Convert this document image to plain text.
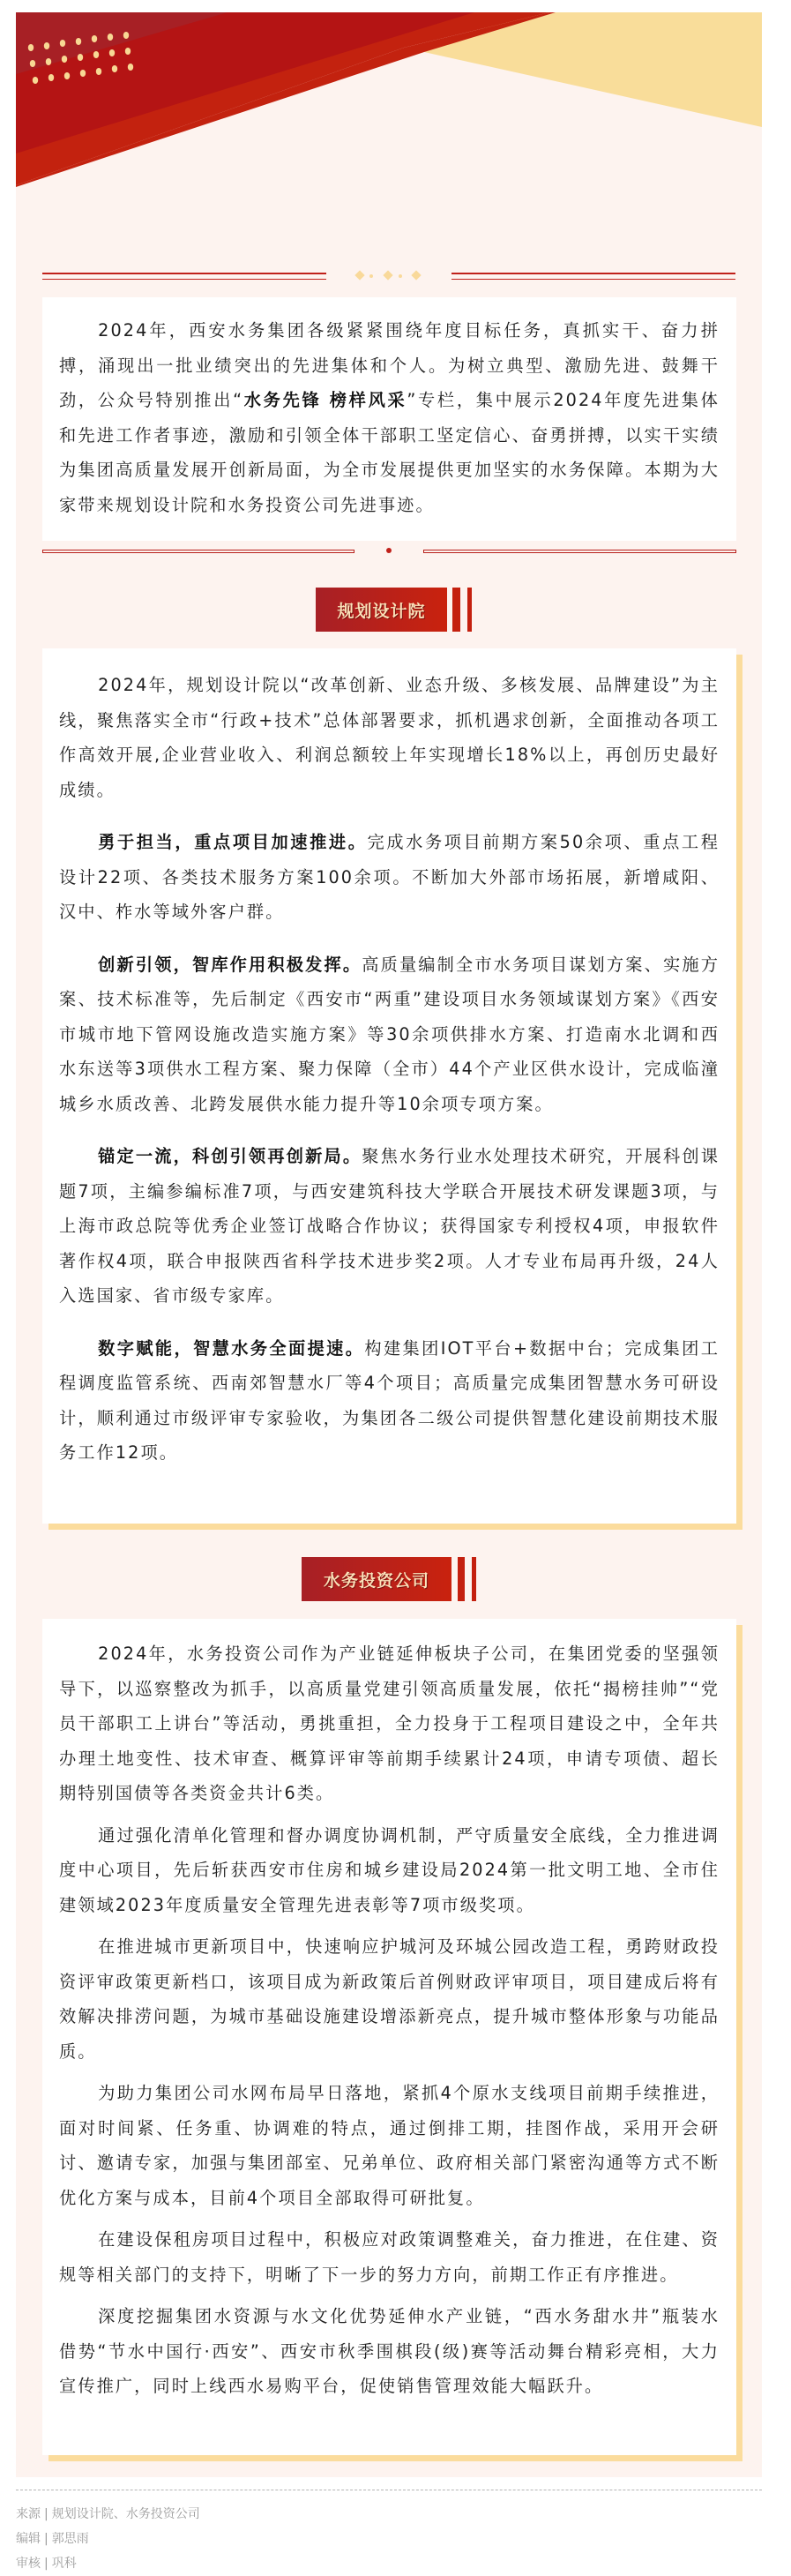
2024年，西安水务集团各级紧紧围绕年度目标任务，真抓实干、奋力拼搏，涌现出一批业绩突出的先进集体和个人。为树立典型、激励先进、鼓舞干劲，公众号特别推出“水务先锋 榜样风采”专栏，集中展示2024年度先进集体和先进工作者事迹，激励和引领全体干部职工坚定信心、奋勇拼搏，以实干实绩为集团高质量发展开创新局面，为全市发展提供更加坚实的水务保障。本期为大家带来规划设计院和水务投资公司先进事迹。

规划设计院

2024年，规划设计院以“改革创新、业态升级、多核发展、品牌建设”为主线，聚焦落实全市“行政+技术”总体部署要求，抓机遇求创新，全面推动各项工作高效开展,企业营业收入、利润总额较上年实现增长18%以上，再创历史最好成绩。

勇于担当，重点项目加速推进。完成水务项目前期方案50余项、重点工程设计22项、各类技术服务方案100余项。不断加大外部市场拓展，新增咸阳、汉中、柞水等域外客户群。

创新引领，智库作用积极发挥。高质量编制全市水务项目谋划方案、实施方案、技术标准等，先后制定《西安市“两重”建设项目水务领域谋划方案》《西安市城市地下管网设施改造实施方案》等30余项供排水方案、打造南水北调和西水东送等3项供水工程方案、聚力保障（全市）44个产业区供水设计，完成临潼城乡水质改善、北跨发展供水能力提升等10余项专项方案。

锚定一流，科创引领再创新局。聚焦水务行业水处理技术研究，开展科创课题7项，主编参编标准7项，与西安建筑科技大学联合开展技术研发课题3项，与上海市政总院等优秀企业签订战略合作协议；获得国家专利授权4项，申报软件著作权4项，联合申报陕西省科学技术进步奖2项。人才专业布局再升级，24人入选国家、省市级专家库。

数字赋能，智慧水务全面提速。构建集团IOT平台+数据中台；完成集团工程调度监管系统、西南郊智慧水厂等4个项目；高质量完成集团智慧水务可研设计，顺利通过市级评审专家验收，为集团各二级公司提供智慧化建设前期技术服务工作12项。

水务投资公司

2024年，水务投资公司作为产业链延伸板块子公司，在集团党委的坚强领导下，以巡察整改为抓手，以高质量党建引领高质量发展，依托“揭榜挂帅”“党员干部职工上讲台”等活动，勇挑重担，全力投身于工程项目建设之中，全年共办理土地变性、技术审查、概算评审等前期手续累计24项，申请专项债、超长期特别国债等各类资金共计6类。

通过强化清单化管理和督办调度协调机制，严守质量安全底线，全力推进调度中心项目，先后斩获西安市住房和城乡建设局2024第一批文明工地、全市住建领域2023年度质量安全管理先进表彰等7项市级奖项。

在推进城市更新项目中，快速响应护城河及环城公园改造工程，勇跨财政投资评审政策更新档口，该项目成为新政策后首例财政评审项目，项目建成后将有效解决排涝问题，为城市基础设施建设增添新亮点，提升城市整体形象与功能品质。

为助力集团公司水网布局早日落地，紧抓4个原水支线项目前期手续推进，面对时间紧、任务重、协调难的特点，通过倒排工期，挂图作战，采用开会研讨、邀请专家，加强与集团部室、兄弟单位、政府相关部门紧密沟通等方式不断优化方案与成本，目前4个项目全部取得可研批复。

在建设保租房项目过程中，积极应对政策调整难关，奋力推进，在住建、资规等相关部门的支持下，明晰了下一步的努力方向，前期工作正有序推进。

深度挖掘集团水资源与水文化优势延伸水产业链，“西水务甜水井”瓶装水借势“节水中国行·西安”、西安市秋季围棋段(级)赛等活动舞台精彩亮相，大力宣传推广，同时上线西水易购平台，促使销售管理效能大幅跃升。

来源 | 规划设计院、水务投资公司
编辑 | 郭思雨
审核 | 巩科
